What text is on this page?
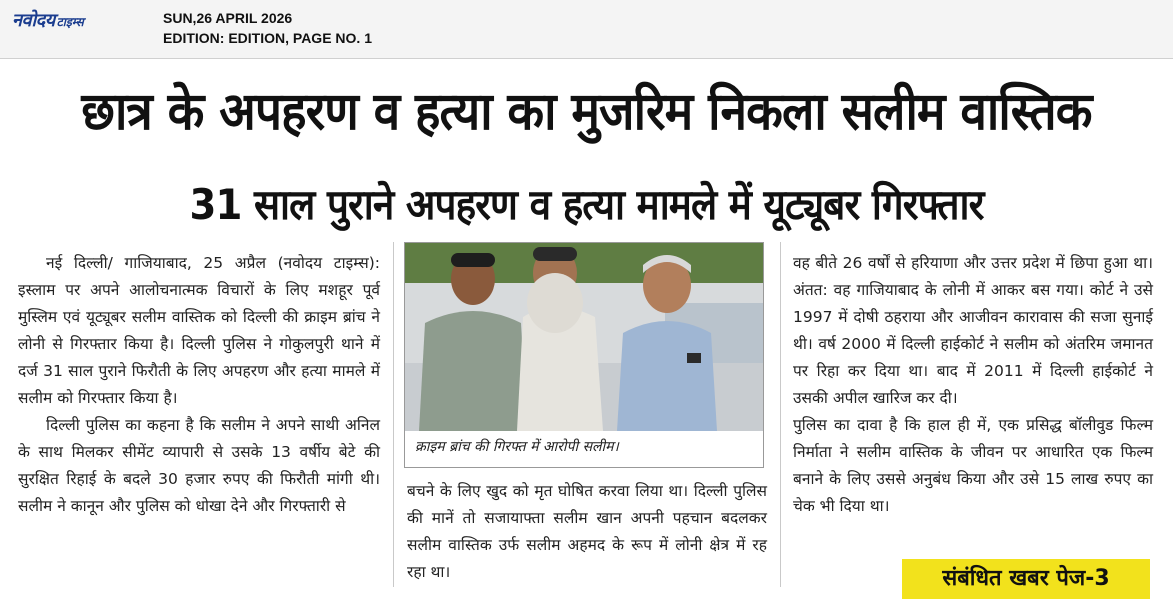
नवोदय टाइम्स	SUN,26 APRIL 2026
EDITION: EDITION, PAGE NO. 1
छात्र के अपहरण व हत्या का मुजरिम निकला सलीम वास्तिक
31 साल पुराने अपहरण व हत्या मामले में यूट्यूबर गिरफ्तार

नई दिल्ली/ गाजियाबाद, 25 अप्रैल (नवोदय टाइम्स): इस्लाम पर अपने आलोचनात्मक विचारों के लिए मशहूर पूर्व मुस्लिम एवं यूट्यूबर सलीम वास्तिक को दिल्ली की क्राइम ब्रांच ने लोनी से गिरफ्तार किया है। दिल्ली पुलिस ने गोकुलपुरी थाने में दर्ज 31 साल पुराने फिरौती के लिए अपहरण और हत्या मामले में सलीम को गिरफ्तार किया है।

दिल्ली पुलिस का कहना है कि सलीम ने अपने साथी अनिल के साथ मिलकर सीमेंट व्यापारी से उसके 13 वर्षीय बेटे की सुरक्षित रिहाई के बदले 30 हजार रुपए की फिरौती मांगी थी। सलीम ने कानून और पुलिस को धोखा देने और गिरफ्तारी से

क्राइम ब्रांच की गिरफ्त में आरोपी सलीम।

बचने के लिए खुद को मृत घोषित करवा लिया था। दिल्ली पुलिस की मानें तो सजायाफ्ता सलीम खान अपनी पहचान बदलकर सलीम वास्तिक उर्फ सलीम अहमद के रूप में लोनी क्षेत्र में रह रहा था।

वह बीते 26 वर्षों से हरियाणा और उत्तर प्रदेश में छिपा हुआ था। अंतत: वह गाजियाबाद के लोनी में आकर बस गया। कोर्ट ने उसे 1997 में दोषी ठहराया और आजीवन कारावास की सजा सुनाई थी। वर्ष 2000 में दिल्ली हाईकोर्ट ने सलीम को अंतरिम जमानत पर रिहा कर दिया था। बाद में 2011 में दिल्ली हाईकोर्ट ने उसकी अपील खारिज कर दी।

पुलिस का दावा है कि हाल ही में, एक प्रसिद्ध बॉलीवुड फिल्म निर्माता ने सलीम वास्तिक के जीवन पर आधारित एक फिल्म बनाने के लिए उससे अनुबंध किया और उसे 15 लाख रुपए का चेक भी दिया था।

संबंधित खबर पेज-3
